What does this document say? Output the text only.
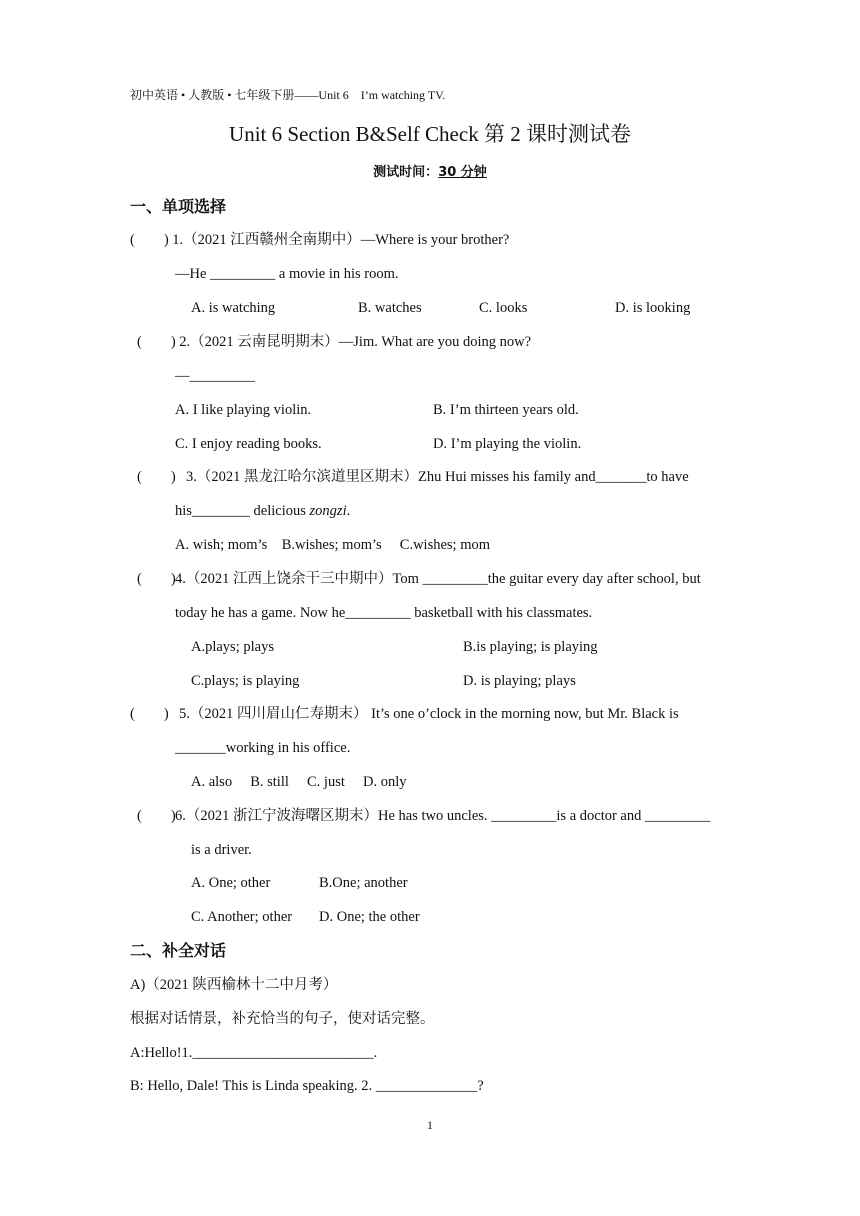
初中英语 • 人教版 • 七年级下册——Unit 6　I’m watching TV.
Unit 6 Section B&Self Check 第 2 课时测试卷
测试时间：30 分钟
一、单项选择
(　　) 1.（2021 江西赣州全南期中）—Where is your brother?
—He _________ a movie in his room.
A. is watching	B. watches	C. looks	D. is looking
(　　) 2.（2021 云南昆明期末）—Jim. What are you doing now?
—_________
A. I like playing violin.	B. I’m thirteen years old.
C. I enjoy reading books.	D. I’m playing the violin.
(　　) 3.（2021 黑龙江哈尔滨道里区期末）Zhu Hui misses his family and_______to have
his________ delicious zongzi.
A. wish; mom’s　B.wishes; mom’s　 C.wishes; mom
(　　) 4.（2021 江西上饶余干三中期中）Tom _________the guitar every day after school, but
today he has a game. Now he_________ basketball with his classmates.
A.plays; plays	B.is playing; is playing
C.plays; is playing	D. is playing; plays
(　　) 5.（2021 四川眉山仁寿期末） It’s one o’clock in the morning now, but Mr. Black is
_______working in his office.
A. also　 B. still　 C. just　 D. only
(　　) 6.（2021 浙江宁波海曙区期末）He has two uncles. _________is a doctor and _________
is a driver.
A. One; other	B.One; another
C. Another; other D. One; the other
二、补全对话
A)（2021 陕西榆林十二中月考）
根据对话情景，补充恰当的句子，使对话完整。
A:Hello!1._________________________.
B: Hello, Dale! This is Linda speaking. 2. ______________?
1
